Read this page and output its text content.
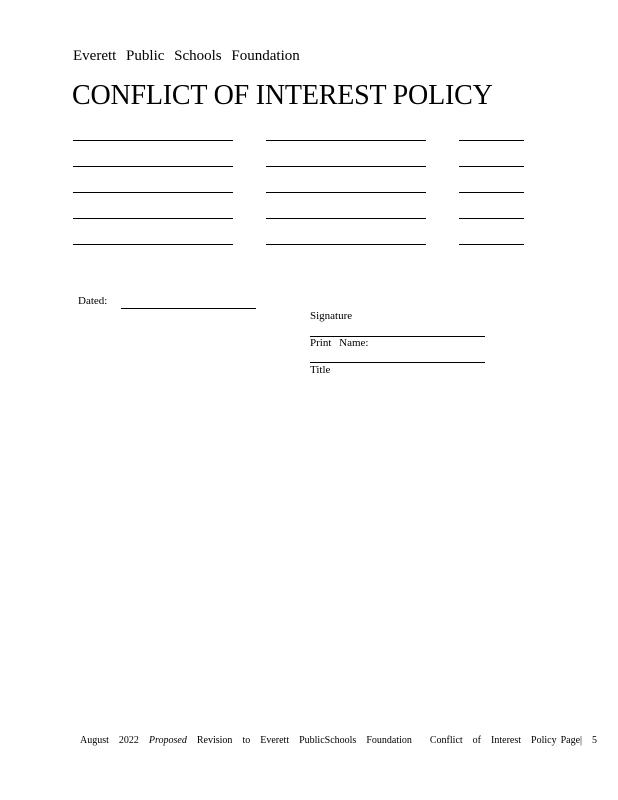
Everett Public Schools Foundation
CONFLICT OF INTEREST POLICY
Dated:
Signature
Print Name:
Title
August 2022 Proposed Revision to Everett PublicSchools Foundation Conflict of Interest Policy Page| 5
